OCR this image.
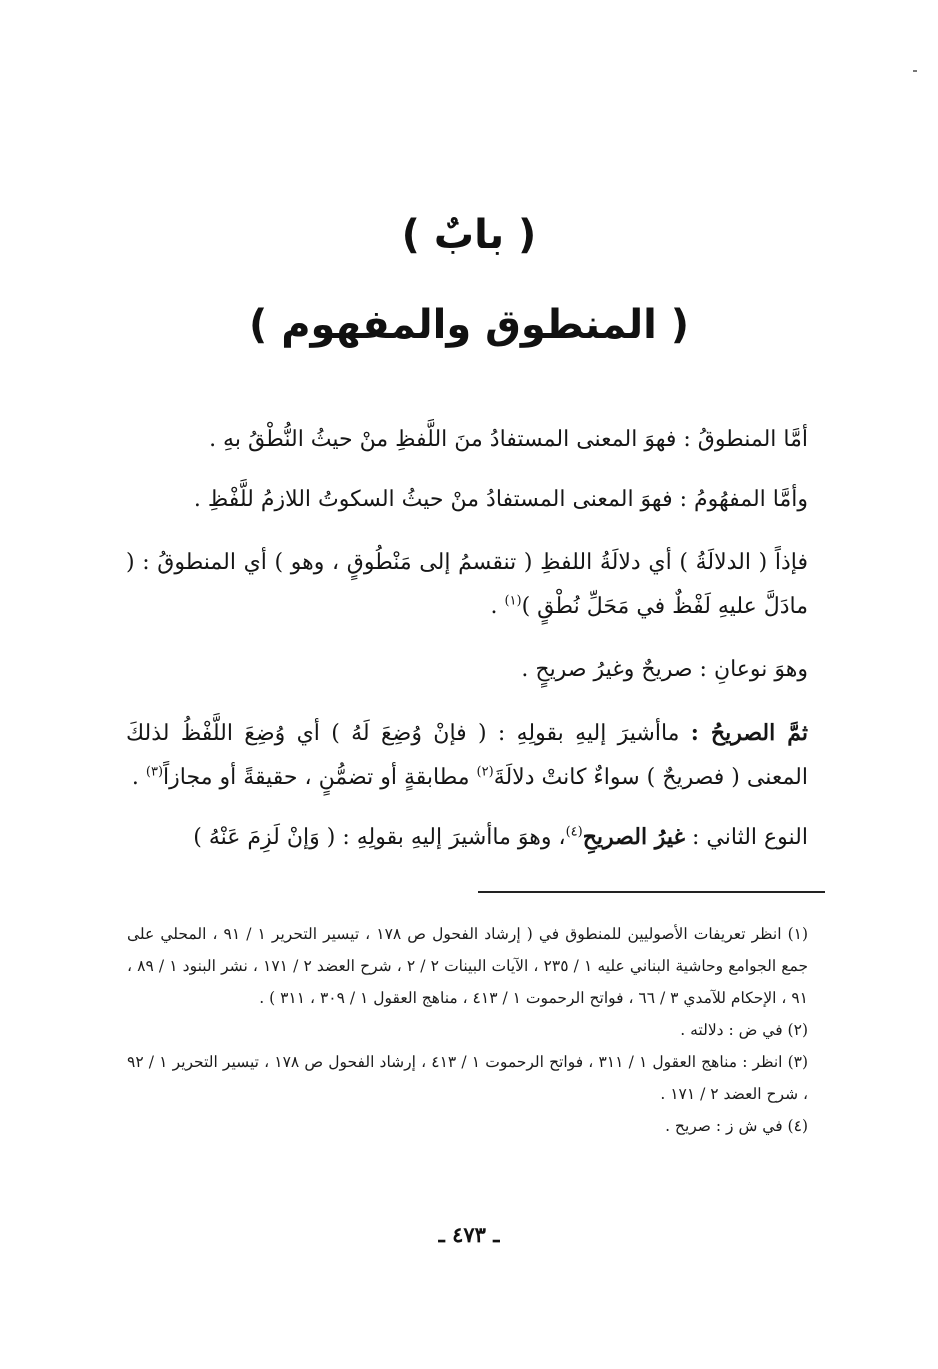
( بابٌ )
( المنطوق والمفهوم )

أمَّا المنطوقُ : فهوَ المعنى المستفادُ منَ اللَّفظِ منْ حيثُ النُّطْقُ بهِ .

وأمَّا المفهُومُ : فهوَ المعنى المستفادُ منْ حيثُ السكوتُ اللازمُ للَّفْظِ .

فإذاً ( الدلالَةُ ) أي دلالَةُ اللفظِ ( تنقسمُ إلى مَنْطُوقٍ ، وهو ) أي المنطوقُ : ( مادَلَّ عليهِ لَفْظٌ في مَحَلِّ نُطْقٍ )$^{(١)}$ .

وهوَ نوعانِ : صريحٌ وغيرُ صريحٍ .

ثمَّ الصريحُ : ماأشيرَ إليهِ بقولِهِ : ( فإنْ وُضِعَ لَهُ ) أي وُضِعَ اللَّفْظُ لذلكَ المعنى ( فصريحٌ ) سواءٌ كانتْ دلالَةَ$^{(٢)}$ مطابقةٍ أو تضمُّنٍ ، حقيقةً أو مجازاً$^{(٣)}$ .

النوع الثاني : غيرُ الصريحِ$^{(٤)}$، وهوَ ماأشيرَ إليهِ بقولِهِ : ( وَإنْ لَزِمَ عَنْهُ )

(١) انظر تعريفات الأصوليين للمنطوق في ( إرشاد الفحول ص ١٧٨ ، تيسير التحرير ١ / ٩١ ، المحلي على جمع الجوامع وحاشية البناني عليه ١ / ٢٣٥ ، الآيات البينات ٢ / ٢ ، شرح العضد ٢ / ١٧١ ، نشر البنود ١ / ٨٩ ، ٩١ ، الإحكام للآمدي ٣ / ٦٦ ، فواتح الرحموت ١ / ٤١٣ ، مناهج العقول ١ / ٣٠٩ ، ٣١١ ) .

(٢) في ض : دلالته .

(٣) انظر : مناهج العقول ١ / ٣١١ ، فواتح الرحموت ١ / ٤١٣ ، إرشاد الفحول ص ١٧٨ ، تيسير التحرير ١ / ٩٢ ، شرح العضد ٢ / ١٧١ .

(٤) في ش ز : صريح .

ـ ٤٧٣ ـ
